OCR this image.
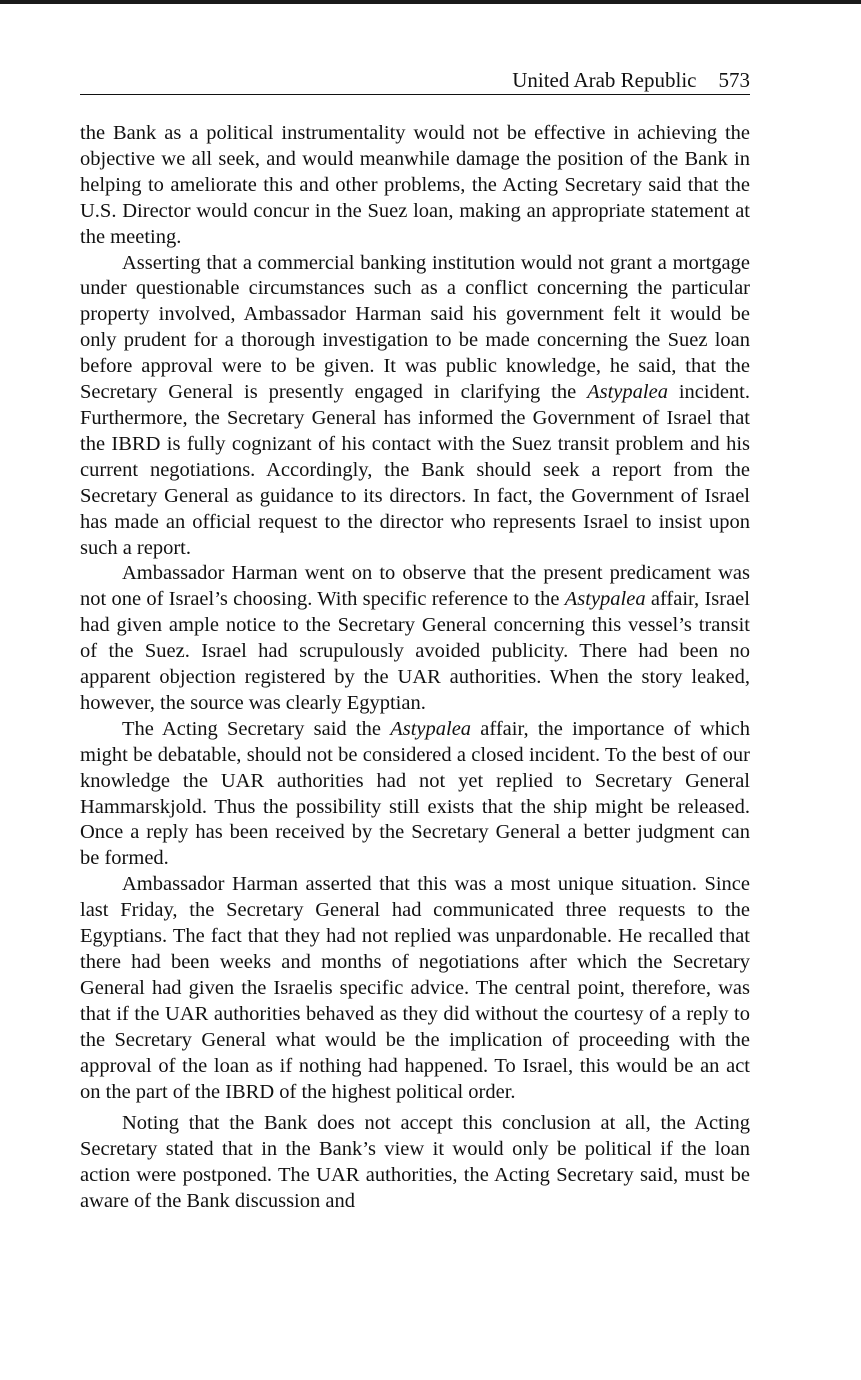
United Arab Republic 573

the Bank as a political instrumentality would not be effective in achieving the objective we all seek, and would meanwhile damage the position of the Bank in helping to ameliorate this and other problems, the Acting Secretary said that the U.S. Director would concur in the Suez loan, making an appropriate statement at the meeting.

Asserting that a commercial banking institution would not grant a mortgage under questionable circumstances such as a conflict concerning the particular property involved, Ambassador Harman said his government felt it would be only prudent for a thorough investigation to be made concerning the Suez loan before approval were to be given. It was public knowledge, he said, that the Secretary General is presently engaged in clarifying the Astypalea incident. Furthermore, the Secretary General has informed the Government of Israel that the IBRD is fully cognizant of his contact with the Suez transit problem and his current negotiations. Accordingly, the Bank should seek a report from the Secretary General as guidance to its directors. In fact, the Government of Israel has made an official request to the director who represents Israel to insist upon such a report.

Ambassador Harman went on to observe that the present predicament was not one of Israel’s choosing. With specific reference to the Astypalea affair, Israel had given ample notice to the Secretary General concerning this vessel’s transit of the Suez. Israel had scrupulously avoided publicity. There had been no apparent objection registered by the UAR authorities. When the story leaked, however, the source was clearly Egyptian.

The Acting Secretary said the Astypalea affair, the importance of which might be debatable, should not be considered a closed incident. To the best of our knowledge the UAR authorities had not yet replied to Secretary General Hammarskjold. Thus the possibility still exists that the ship might be released. Once a reply has been received by the Secretary General a better judgment can be formed.

Ambassador Harman asserted that this was a most unique situation. Since last Friday, the Secretary General had communicated three requests to the Egyptians. The fact that they had not replied was unpardonable. He recalled that there had been weeks and months of negotiations after which the Secretary General had given the Israelis specific advice. The central point, therefore, was that if the UAR authorities behaved as they did without the courtesy of a reply to the Secretary General what would be the implication of proceeding with the approval of the loan as if nothing had happened. To Israel, this would be an act on the part of the IBRD of the highest political order.

Noting that the Bank does not accept this conclusion at all, the Acting Secretary stated that in the Bank’s view it would only be political if the loan action were postponed. The UAR authorities, the Acting Secretary said, must be aware of the Bank discussion and
